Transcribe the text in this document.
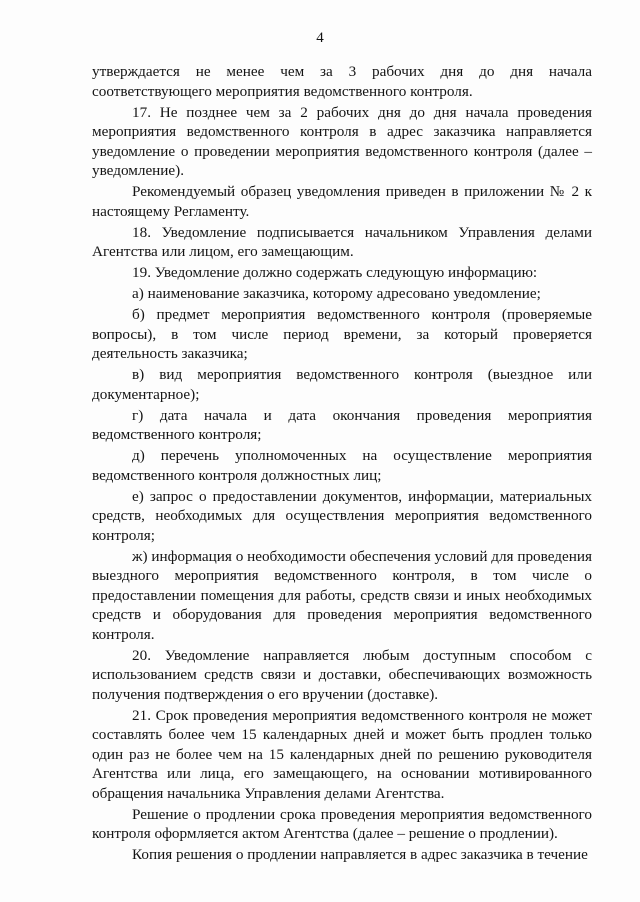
4

утверждается не менее чем за 3 рабочих дня до дня начала соответствующего мероприятия ведомственного контроля.

17. Не позднее чем за 2 рабочих дня до дня начала проведения мероприятия ведомственного контроля в адрес заказчика направляется уведомление о проведении мероприятия ведомственного контроля (далее – уведомление).

Рекомендуемый образец уведомления приведен в приложении № 2 к настоящему Регламенту.

18. Уведомление подписывается начальником Управления делами Агентства или лицом, его замещающим.

19. Уведомление должно содержать следующую информацию:

а) наименование заказчика, которому адресовано уведомление;

б) предмет мероприятия ведомственного контроля (проверяемые вопросы), в том числе период времени, за который проверяется деятельность заказчика;

в) вид мероприятия ведомственного контроля (выездное или документарное);

г) дата начала и дата окончания проведения мероприятия ведомственного контроля;

д) перечень уполномоченных на осуществление мероприятия ведомственного контроля должностных лиц;

е) запрос о предоставлении документов, информации, материальных средств, необходимых для осуществления мероприятия ведомственного контроля;

ж) информация о необходимости обеспечения условий для проведения выездного мероприятия ведомственного контроля, в том числе о предоставлении помещения для работы, средств связи и иных необходимых средств и оборудования для проведения мероприятия ведомственного контроля.

20. Уведомление направляется любым доступным способом с использованием средств связи и доставки, обеспечивающих возможность получения подтверждения о его вручении (доставке).

21. Срок проведения мероприятия ведомственного контроля не может составлять более чем 15 календарных дней и может быть продлен только один раз не более чем на 15 календарных дней по решению руководителя Агентства или лица, его замещающего, на основании мотивированного обращения начальника Управления делами Агентства.

Решение о продлении срока проведения мероприятия ведомственного контроля оформляется актом Агентства (далее – решение о продлении).

Копия решения о продлении направляется в адрес заказчика в течение
